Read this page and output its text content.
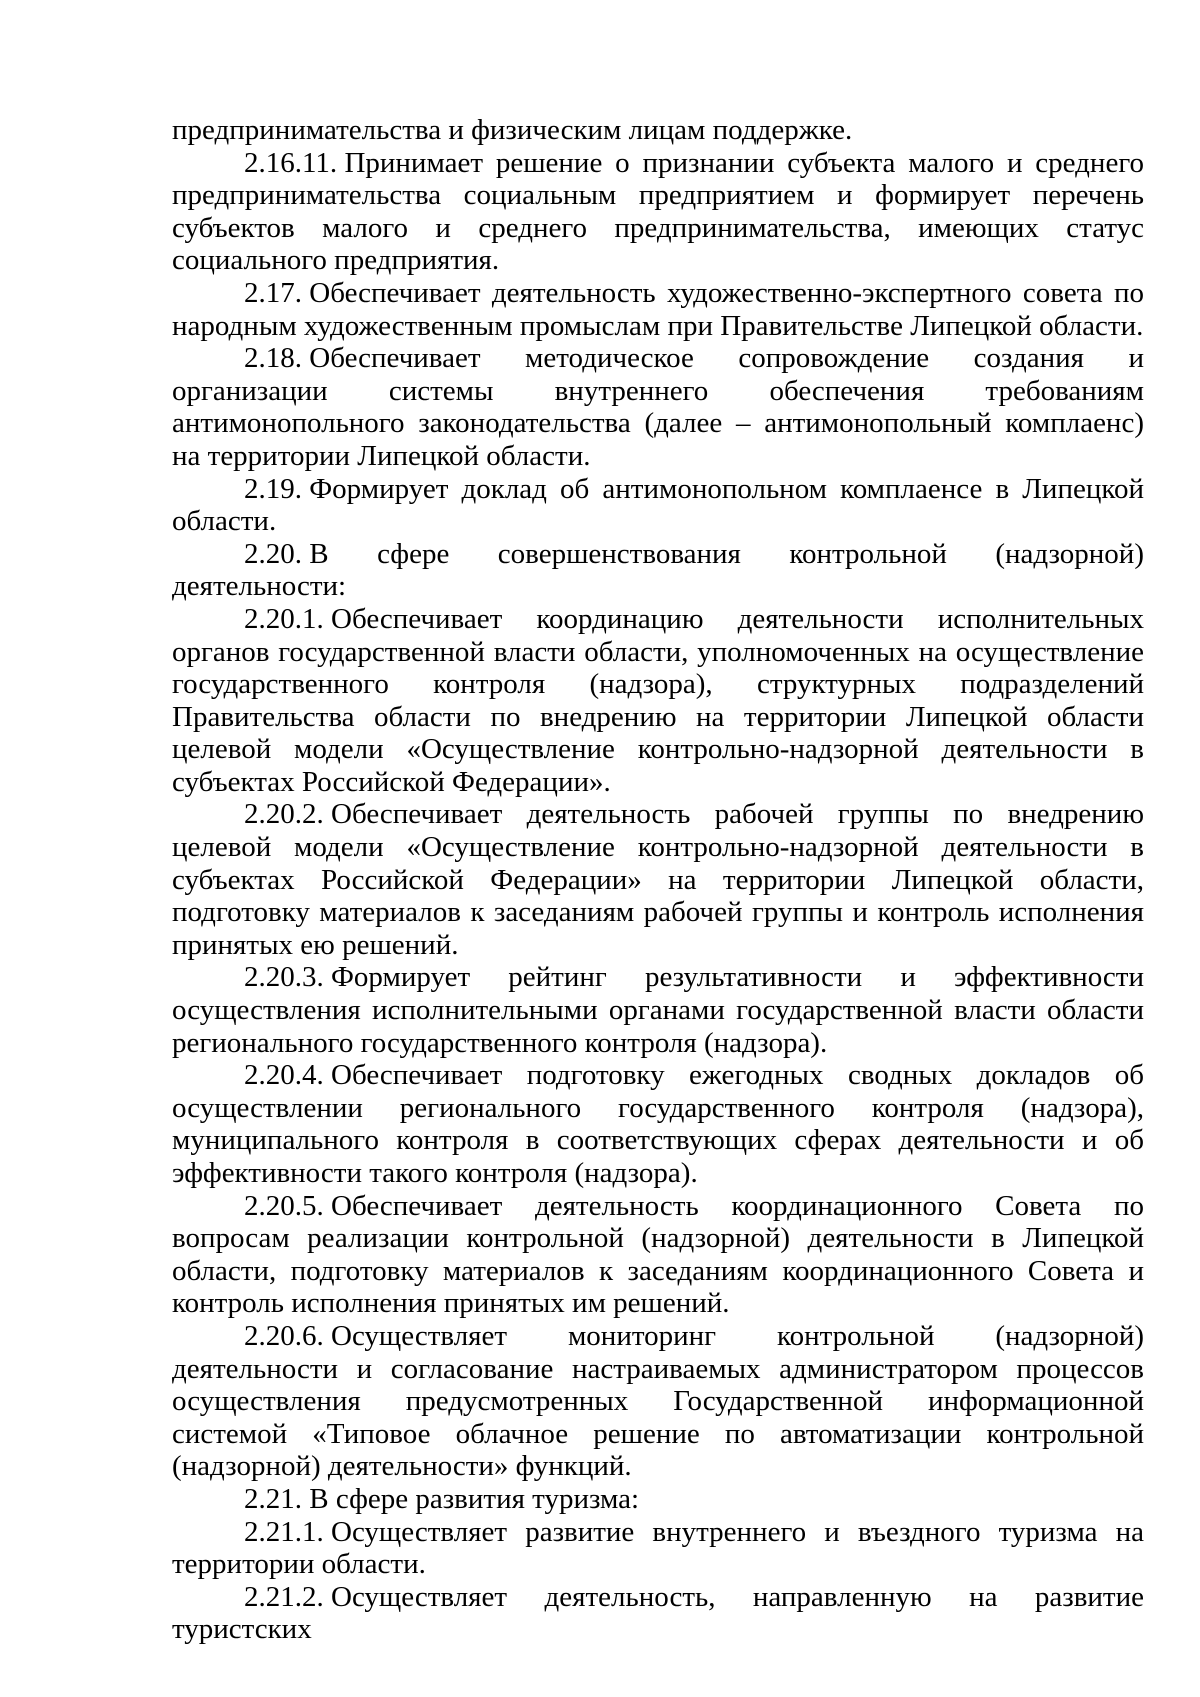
предпринимательства и физическим лицам поддержке.

2.16.11. Принимает решение о признании субъекта малого и среднего предпринимательства социальным предприятием и формирует перечень субъектов малого и среднего предпринимательства, имеющих статус социального предприятия.

2.17. Обеспечивает деятельность художественно-экспертного совета по народным художественным промыслам при Правительстве Липецкой области.

2.18. Обеспечивает методическое сопровождение создания и организации системы внутреннего обеспечения требованиям антимонопольного законодательства (далее – антимонопольный комплаенс) на территории Липецкой области.

2.19. Формирует доклад об антимонопольном комплаенсе в Липецкой области.

2.20. В сфере совершенствования контрольной (надзорной) деятельности:

2.20.1. Обеспечивает координацию деятельности исполнительных органов государственной власти области, уполномоченных на осуществление государственного контроля (надзора), структурных подразделений Правительства области по внедрению на территории Липецкой области целевой модели «Осуществление контрольно-надзорной деятельности в субъектах Российской Федерации».

2.20.2. Обеспечивает деятельность рабочей группы по внедрению целевой модели «Осуществление контрольно-надзорной деятельности в субъектах Российской Федерации» на территории Липецкой области, подготовку материалов к заседаниям рабочей группы и контроль исполнения принятых ею решений.

2.20.3. Формирует рейтинг результативности и эффективности осуществления исполнительными органами государственной власти области регионального государственного контроля (надзора).

2.20.4. Обеспечивает подготовку ежегодных сводных докладов об осуществлении регионального государственного контроля (надзора), муниципального контроля в соответствующих сферах деятельности и об эффективности такого контроля (надзора).

2.20.5. Обеспечивает деятельность координационного Совета по вопросам реализации контрольной (надзорной) деятельности в Липецкой области, подготовку материалов к заседаниям координационного Совета и контроль исполнения принятых им решений.

2.20.6. Осуществляет мониторинг контрольной (надзорной) деятельности и согласование настраиваемых администратором процессов осуществления предусмотренных Государственной информационной системой «Типовое облачное решение по автоматизации контрольной (надзорной) деятельности» функций.

2.21. В сфере развития туризма:

2.21.1. Осуществляет развитие внутреннего и въездного туризма на территории области.

2.21.2. Осуществляет деятельность, направленную на развитие туристских
